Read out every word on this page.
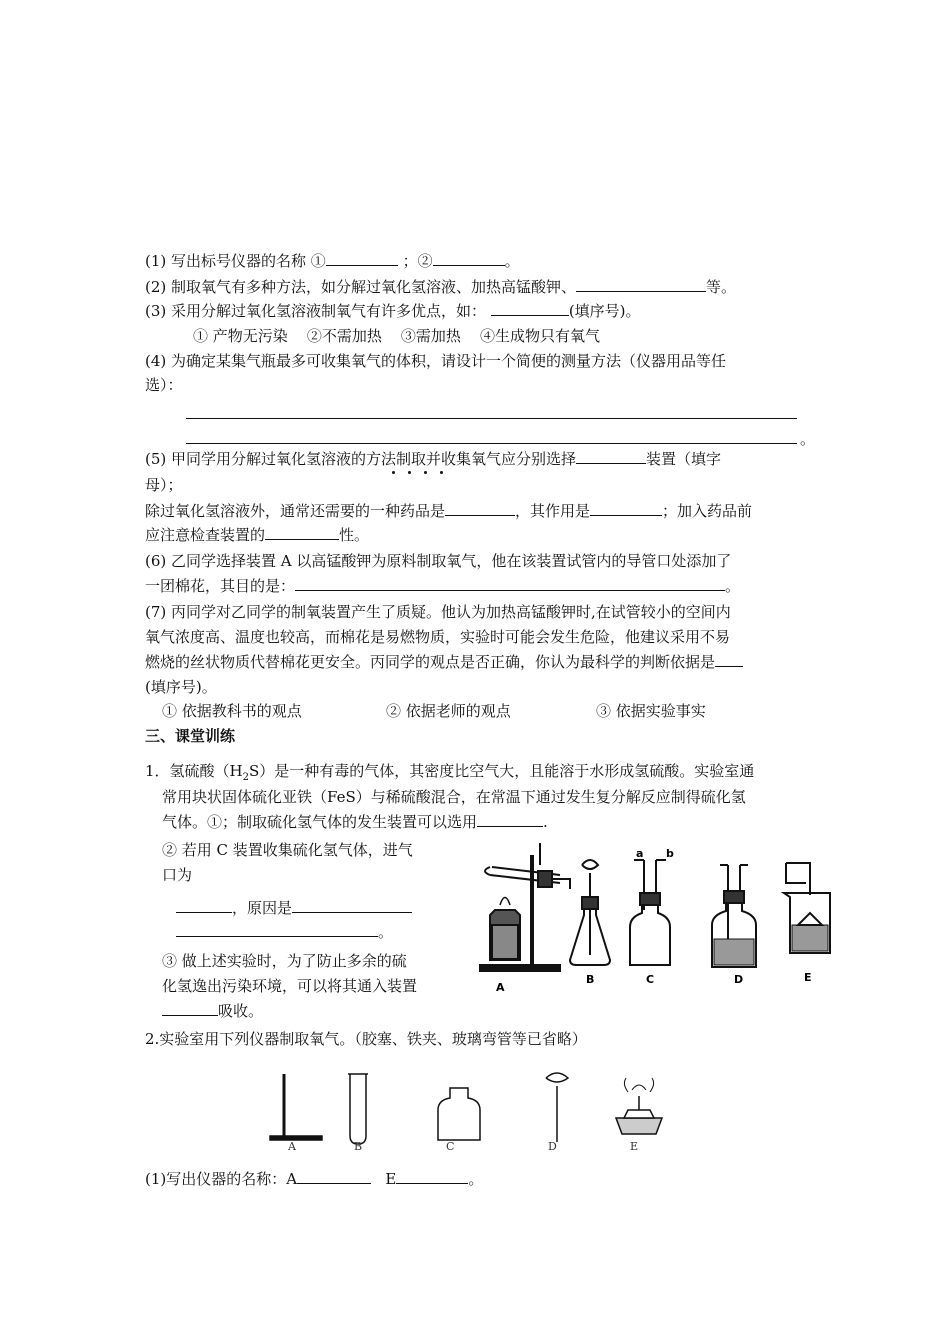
(1) 写出标号仪器的名称 ①	；②	。
(2) 制取氧气有多种方法，如分解过氧化氢溶液、加热高锰酸钾、	等。
(3) 采用分解过氧化氢溶液制氧气有许多优点，如：	(填序号)。
① 产物无污染    ②不需加热    ③需加热    ④生成物只有氧气
(4) 为确定某集气瓶最多可收集氧气的体积，请设计一个简便的测量方法（仪器用品等任
选）：
。
(5) 甲同学用分解过氧化氢溶液的方法制取并收集氧气应分别选择	装置（填字
母）；
除过氧化氢溶液外，通常还需要的一种药品是	，其作用是	；加入药品前
应注意检查装置的	性。
(6) 乙同学选择装置 A 以高锰酸钾为原料制取氧气，他在该装置试管内的导管口处添加了
一团棉花，其目的是：	。
(7) 丙同学对乙同学的制氧装置产生了质疑。他认为加热高锰酸钾时,在试管较小的空间内
氧气浓度高、温度也较高，而棉花是易燃物质，实验时可能会发生危险，他建议采用不易
燃烧的丝状物质代替棉花更安全。丙同学的观点是否正确，你认为最科学的判断依据是
(填序号)。
① 依据教科书的观点	② 依据老师的观点	③ 依据实验事实
三、课堂训练
1．氢硫酸$(H_2S)$是一种有毒的气体，其密度比空气大，且能溶于水形成氢硫酸。实验室通
常用块状固体硫化亚铁（FeS）与稀硫酸混合，在常温下通过发生复分解反应制得硫化氢
气体。①；制取硫化氢气体的发生装置可以选用	.
② 若用 C 装置收集硫化氢气体，进气
口为
，原因是
。
③ 做上述实验时，为了防止多余的硫
化氢逸出污染环境，可以将其通入装置
吸收。
A
B	C	D	E
a b
2.实验室用下列仪器制取氧气。（胶塞、铁夹、玻璃弯管等已省略）
A	B	C	D	E
(1)写出仪器的名称：A	E	。
